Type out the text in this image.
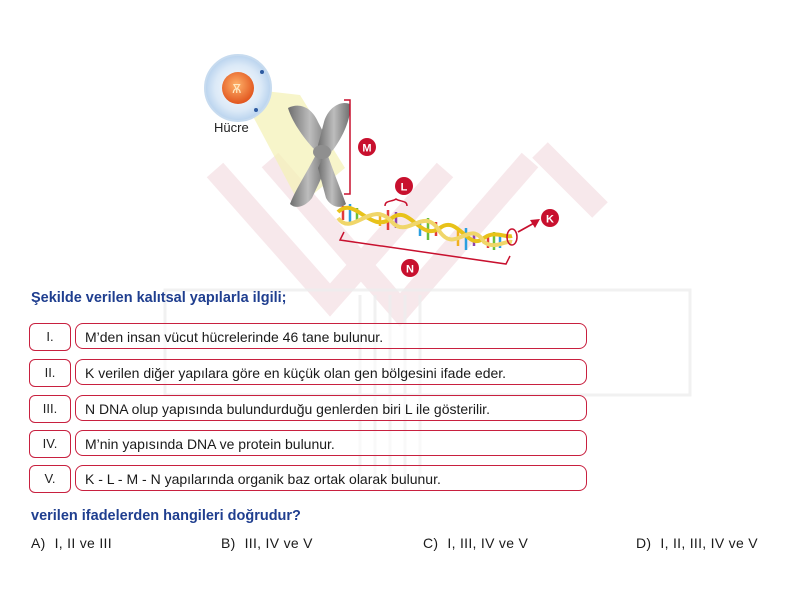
Ѫ
M
L
K
N
Hücre
Şekilde verilen kalıtsal yapılarla ilgili;
I.	M’den insan vücut hücrelerinde 46 tane bulunur.
II.	K verilen diğer yapılara göre en küçük olan gen bölgesini ifade eder.
III.	N DNA olup yapısında bulundurduğu genlerden biri L ile gösterilir.
IV.	M’nin yapısında DNA ve protein bulunur.
V.	K - L - M - N yapılarında organik baz ortak olarak bulunur.
verilen ifadelerden hangileri doğrudur?
A) I, II ve III	B) III, IV ve V	C) I, III, IV ve V	D) I, II, III, IV ve V
